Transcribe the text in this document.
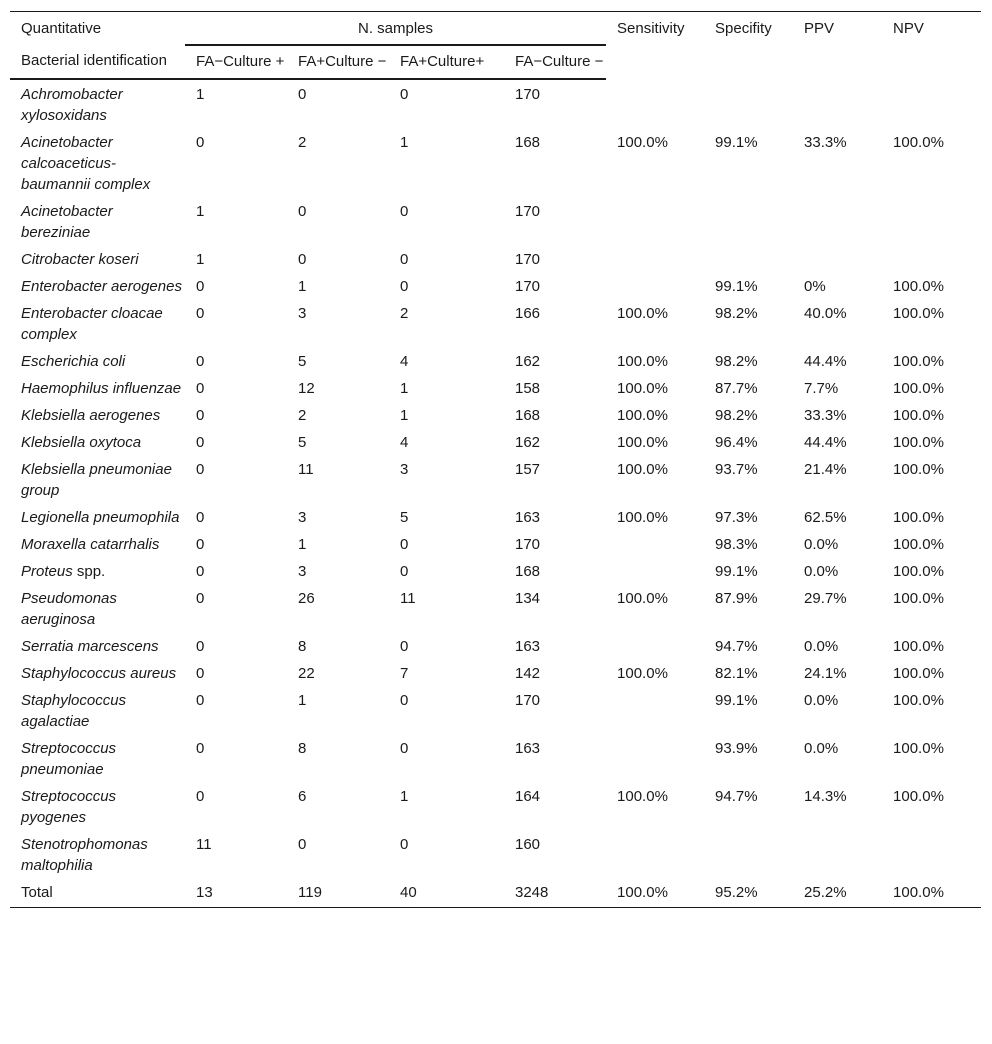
Quantitative	N. samples				Sensitivity	Specifity	PPV	NPV
Bacterial identification	FA−Culture +	FA+Culture −	FA+Culture+	FA−Culture −				
Achromobacter xylosoxidans	1	0	0	170				
Acinetobacter calcoaceticus-baumannii complex	0	2	1	168	100.0%	99.1%	33.3%	100.0%
Acinetobacter bereziniae	1	0	0	170				
Citrobacter koseri	1	0	0	170				
Enterobacter aerogenes	0	1	0	170		99.1%	0%	100.0%
Enterobacter cloacae complex	0	3	2	166	100.0%	98.2%	40.0%	100.0%
Escherichia coli	0	5	4	162	100.0%	98.2%	44.4%	100.0%
Haemophilus influenzae	0	12	1	158	100.0%	87.7%	7.7%	100.0%
Klebsiella aerogenes	0	2	1	168	100.0%	98.2%	33.3%	100.0%
Klebsiella oxytoca	0	5	4	162	100.0%	96.4%	44.4%	100.0%
Klebsiella pneumoniae group	0	11	3	157	100.0%	93.7%	21.4%	100.0%
Legionella pneumophila	0	3	5	163	100.0%	97.3%	62.5%	100.0%
Moraxella catarrhalis	0	1	0	170		98.3%	0.0%	100.0%
Proteus spp.	0	3	0	168		99.1%	0.0%	100.0%
Pseudomonas aeruginosa	0	26	11	134	100.0%	87.9%	29.7%	100.0%
Serratia marcescens	0	8	0	163		94.7%	0.0%	100.0%
Staphylococcus aureus	0	22	7	142	100.0%	82.1%	24.1%	100.0%
Staphylococcus agalactiae	0	1	0	170		99.1%	0.0%	100.0%
Streptococcus pneumoniae	0	8	0	163		93.9%	0.0%	100.0%
Streptococcus pyogenes	0	6	1	164	100.0%	94.7%	14.3%	100.0%
Stenotrophomonas maltophilia	11	0	0	160				
Total	13	119	40	3248	100.0%	95.2%	25.2%	100.0%
